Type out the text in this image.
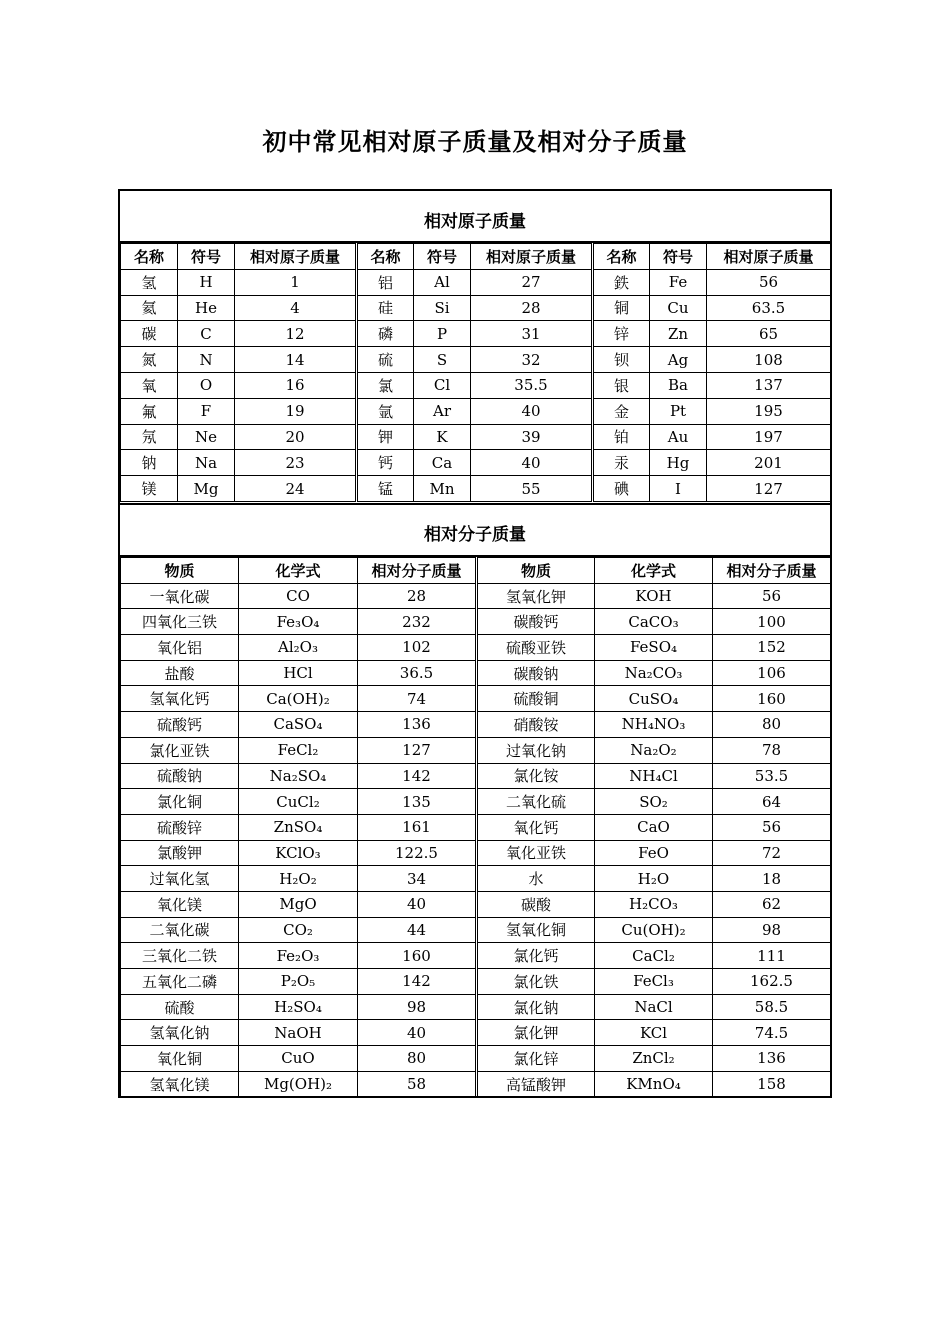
初中常见相对原子质量及相对分子质量
相对原子质量
名称	符号	相对原子质量	名称	符号	相对原子质量	名称	符号	相对原子质量
氢	H	1	铝	Al	27	鉄	Fe	56
氦	He	4	硅	Si	28	铜	Cu	63.5
碳	C	12	磷	P	31	锌	Zn	65
氮	N	14	硫	S	32	钡	Ag	108
氧	O	16	氯	Cl	35.5	银	Ba	137
氟	F	19	氩	Ar	40	金	Pt	195
氖	Ne	20	钾	K	39	铂	Au	197
钠	Na	23	钙	Ca	40	汞	Hg	201
镁	Mg	24	锰	Mn	55	碘	I	127
相对分子质量
物质	化学式	相对分子质量	物质	化学式	相对分子质量
一氧化碳	CO	28	氢氧化钾	KOH	56
四氧化三铁	Fe₃O₄	232	碳酸钙	CaCO₃	100
氧化铝	Al₂O₃	102	硫酸亚铁	FeSO₄	152
盐酸	HCl	36.5	碳酸钠	Na₂CO₃	106
氢氧化钙	Ca(OH)₂	74	硫酸铜	CuSO₄	160
硫酸钙	CaSO₄	136	硝酸铵	NH₄NO₃	80
氯化亚铁	FeCl₂	127	过氧化钠	Na₂O₂	78
硫酸钠	Na₂SO₄	142	氯化铵	NH₄Cl	53.5
氯化铜	CuCl₂	135	二氧化硫	SO₂	64
硫酸锌	ZnSO₄	161	氧化钙	CaO	56
氯酸钾	KClO₃	122.5	氧化亚铁	FeO	72
过氧化氢	H₂O₂	34	水	H₂O	18
氧化镁	MgO	40	碳酸	H₂CO₃	62
二氧化碳	CO₂	44	氢氧化铜	Cu(OH)₂	98
三氧化二铁	Fe₂O₃	160	氯化钙	CaCl₂	111
五氧化二磷	P₂O₅	142	氯化铁	FeCl₃	162.5
硫酸	H₂SO₄	98	氯化钠	NaCl	58.5
氢氧化钠	NaOH	40	氯化钾	KCl	74.5
氧化铜	CuO	80	氯化锌	ZnCl₂	136
氢氧化镁	Mg(OH)₂	58	高锰酸钾	KMnO₄	158
